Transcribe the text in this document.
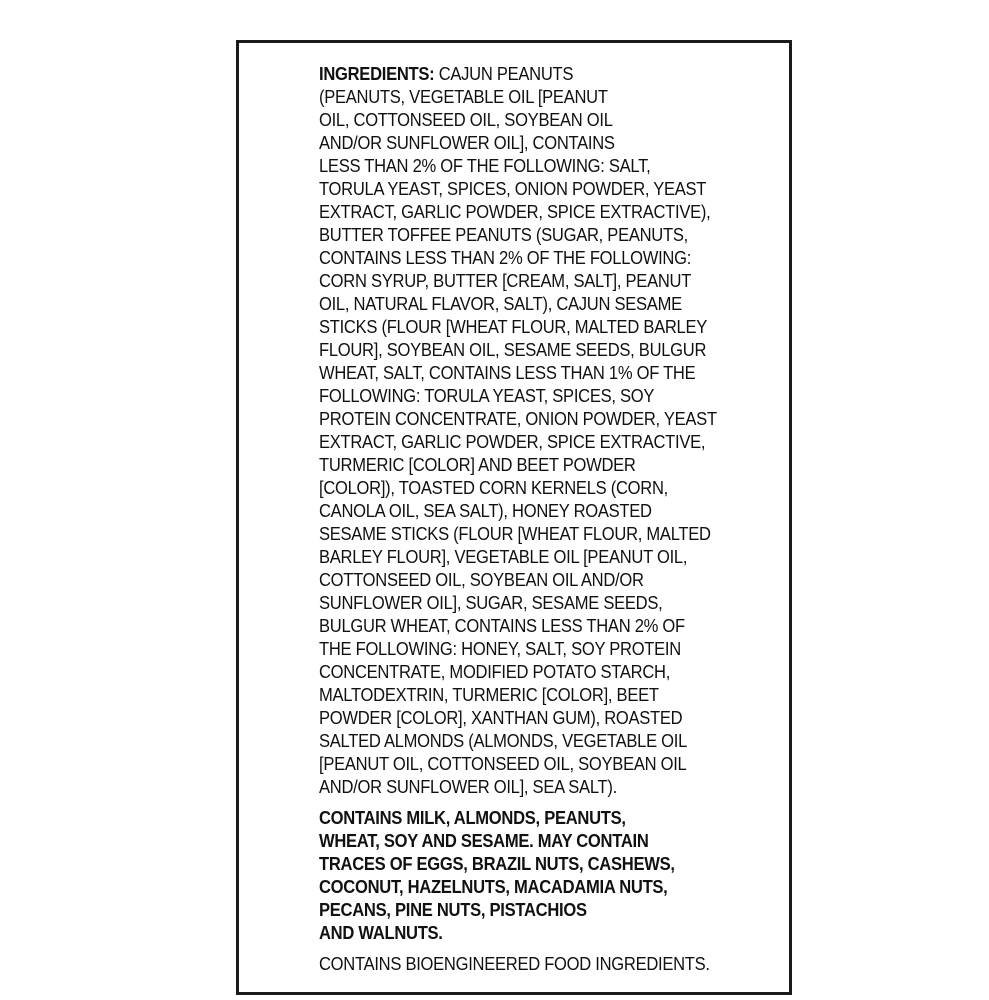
INGREDIENTS: CAJUN PEANUTS
(PEANUTS, VEGETABLE OIL [PEANUT
OIL, COTTONSEED OIL, SOYBEAN OIL
AND/OR SUNFLOWER OIL], CONTAINS
LESS THAN 2% OF THE FOLLOWING: SALT,
TORULA YEAST, SPICES, ONION POWDER, YEAST
EXTRACT, GARLIC POWDER, SPICE EXTRACTIVE),
BUTTER TOFFEE PEANUTS (SUGAR, PEANUTS,
CONTAINS LESS THAN 2% OF THE FOLLOWING:
CORN SYRUP, BUTTER [CREAM, SALT], PEANUT
OIL, NATURAL FLAVOR, SALT), CAJUN SESAME
STICKS (FLOUR [WHEAT FLOUR, MALTED BARLEY
FLOUR], SOYBEAN OIL, SESAME SEEDS, BULGUR
WHEAT, SALT, CONTAINS LESS THAN 1% OF THE
FOLLOWING: TORULA YEAST, SPICES, SOY
PROTEIN CONCENTRATE, ONION POWDER, YEAST
EXTRACT, GARLIC POWDER, SPICE EXTRACTIVE,
TURMERIC [COLOR] AND BEET POWDER
[COLOR]), TOASTED CORN KERNELS (CORN,
CANOLA OIL, SEA SALT), HONEY ROASTED
SESAME STICKS (FLOUR [WHEAT FLOUR, MALTED
BARLEY FLOUR], VEGETABLE OIL [PEANUT OIL,
COTTONSEED OIL, SOYBEAN OIL AND/OR
SUNFLOWER OIL], SUGAR, SESAME SEEDS,
BULGUR WHEAT, CONTAINS LESS THAN 2% OF
THE FOLLOWING: HONEY, SALT, SOY PROTEIN
CONCENTRATE, MODIFIED POTATO STARCH,
MALTODEXTRIN, TURMERIC [COLOR], BEET
POWDER [COLOR], XANTHAN GUM), ROASTED
SALTED ALMONDS (ALMONDS, VEGETABLE OIL
[PEANUT OIL, COTTONSEED OIL, SOYBEAN OIL
AND/OR SUNFLOWER OIL], SEA SALT).
CONTAINS MILK, ALMONDS, PEANUTS,
WHEAT, SOY AND SESAME. MAY CONTAIN
TRACES OF EGGS, BRAZIL NUTS, CASHEWS,
COCONUT, HAZELNUTS, MACADAMIA NUTS,
PECANS, PINE NUTS, PISTACHIOS
AND WALNUTS.
CONTAINS BIOENGINEERED FOOD INGREDIENTS.
